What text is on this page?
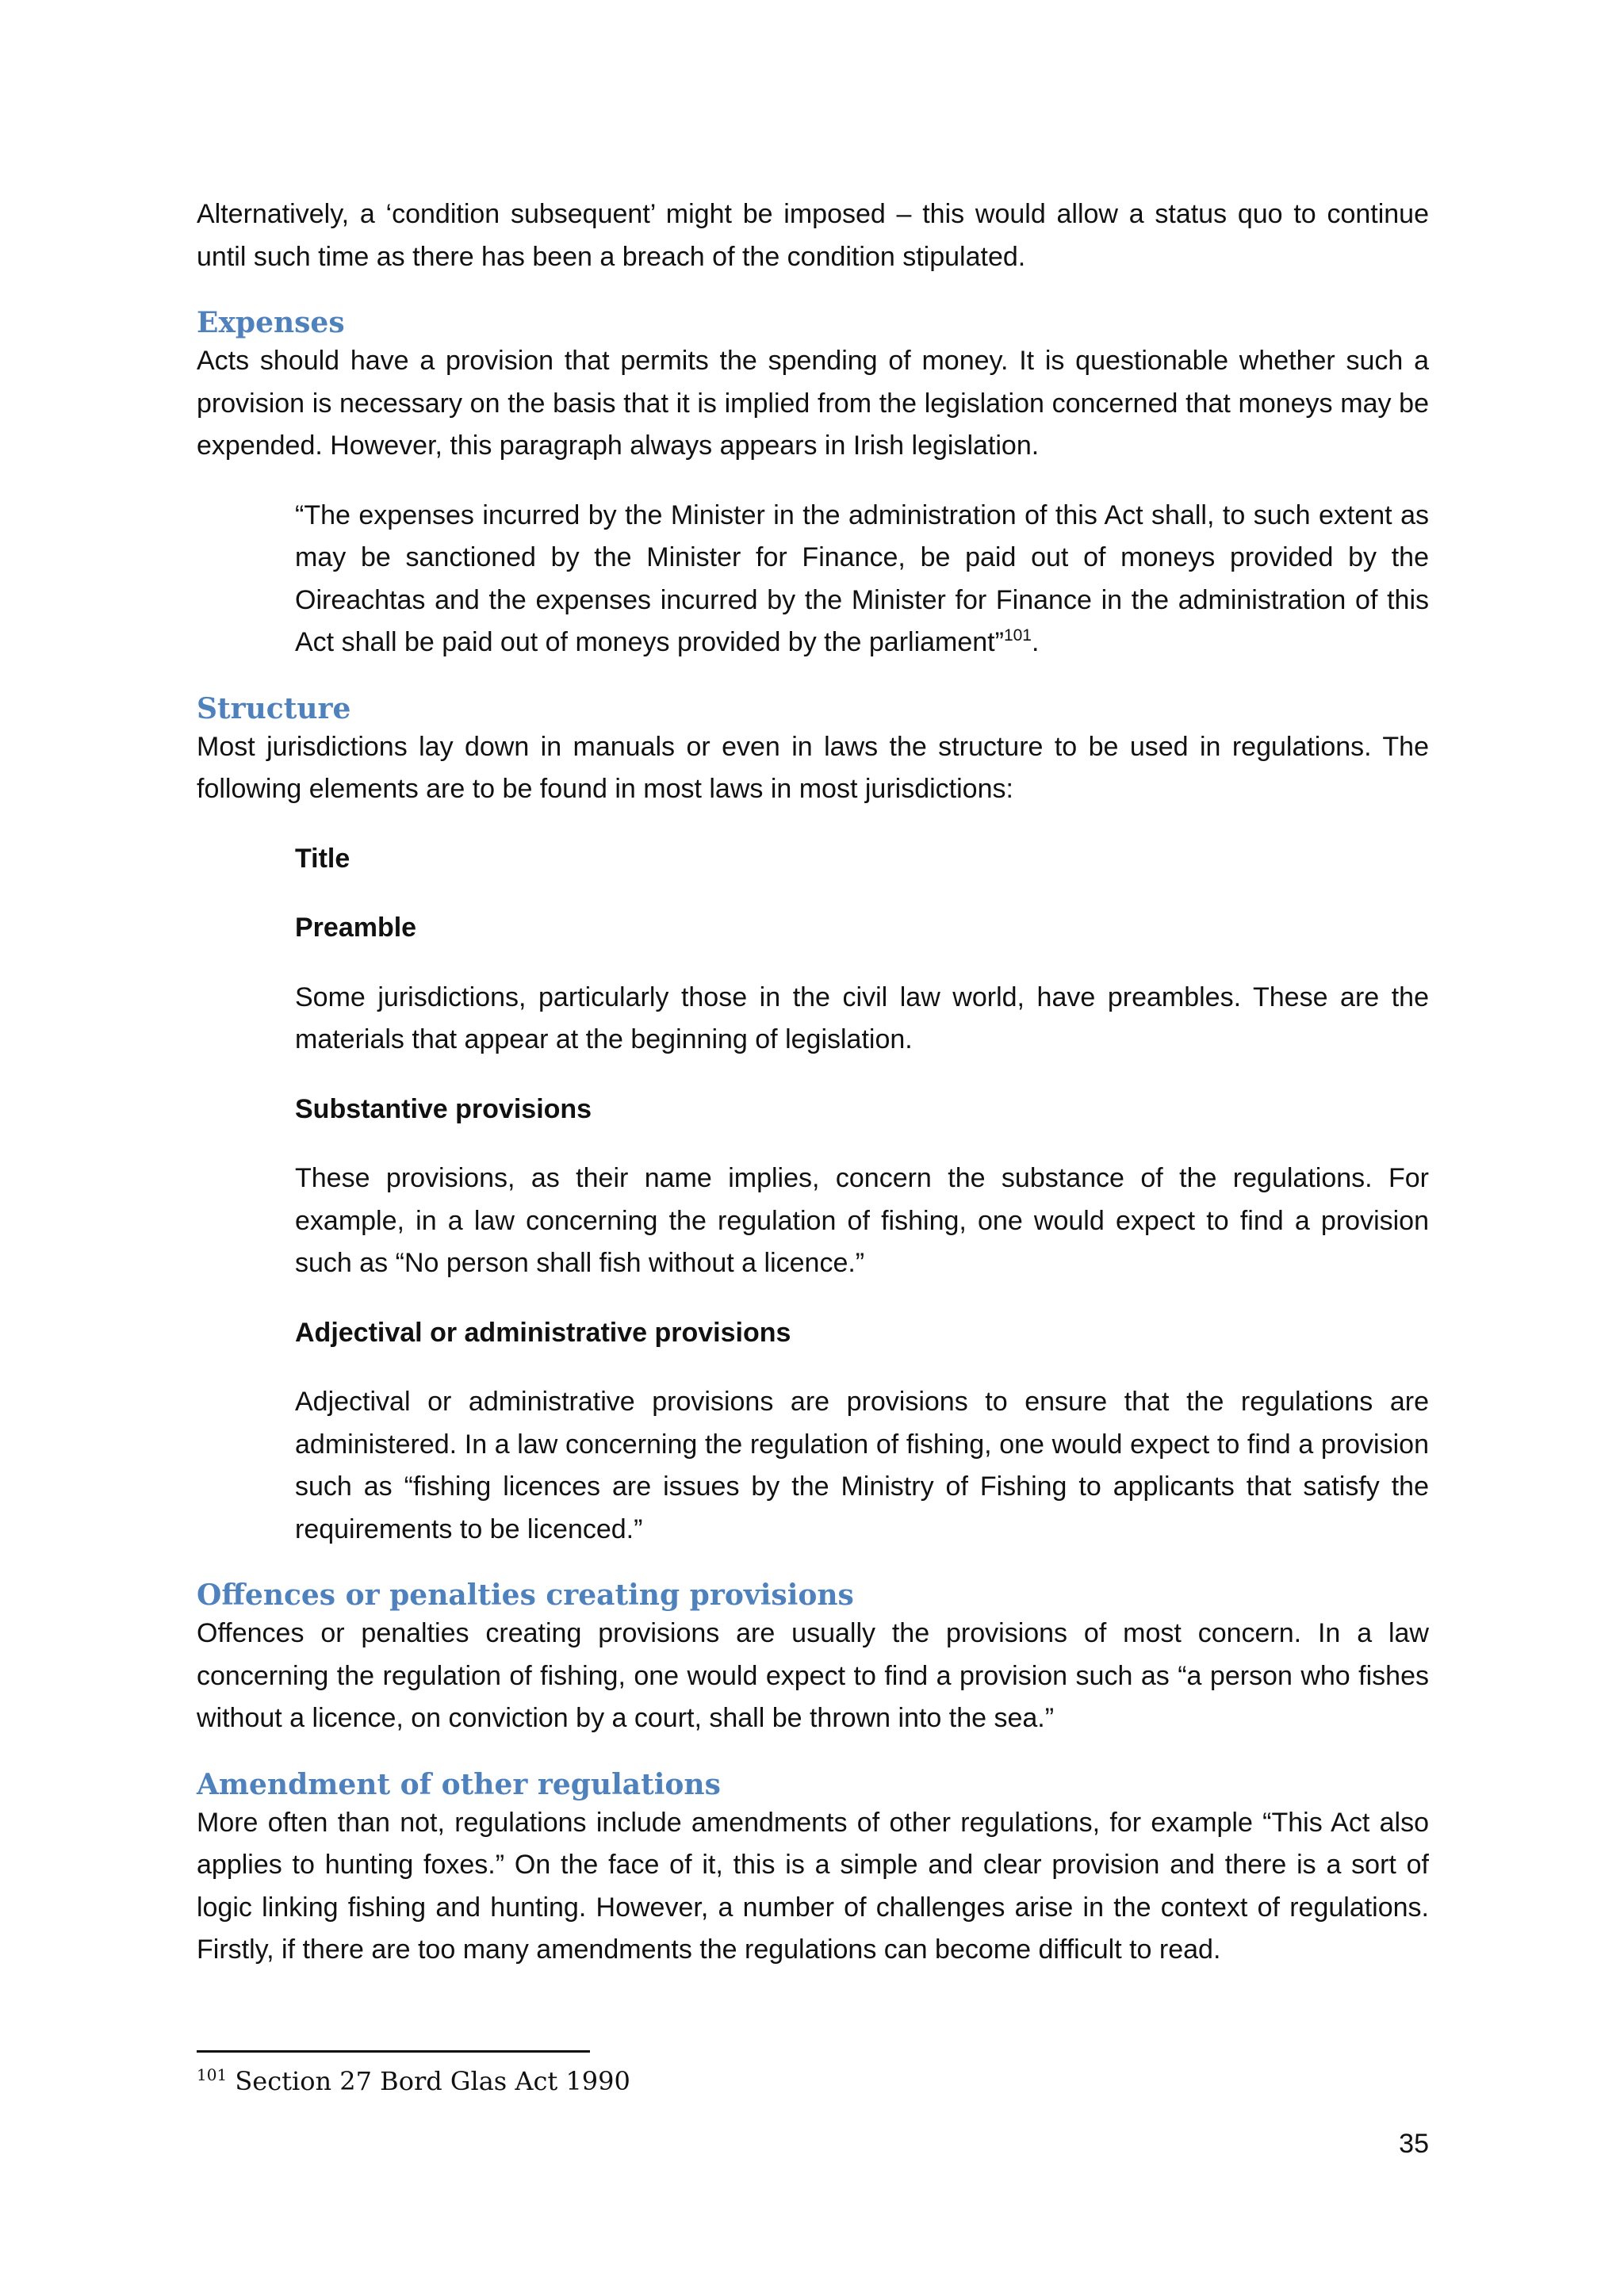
Alternatively, a ‘condition subsequent’ might be imposed – this would allow a status quo to continue until such time as there has been a breach of the condition stipulated.

Expenses

Acts should have a provision that permits the spending of money. It is questionable whether such a provision is necessary on the basis that it is implied from the legislation concerned that moneys may be expended. However, this paragraph always appears in Irish legislation.

“The expenses incurred by the Minister in the administration of this Act shall, to such extent as may be sanctioned by the Minister for Finance, be paid out of moneys provided by the Oireachtas and the expenses incurred by the Minister for Finance in the administration of this Act shall be paid out of moneys provided by the parliament”$^{101}$.

Structure

Most jurisdictions lay down in manuals or even in laws the structure to be used in regulations. The following elements are to be found in most laws in most jurisdictions:

Title

Preamble

Some jurisdictions, particularly those in the civil law world, have preambles. These are the materials that appear at the beginning of legislation.

Substantive provisions

These provisions, as their name implies, concern the substance of the regulations. For example, in a law concerning the regulation of fishing, one would expect to find a provision such as “No person shall fish without a licence.”

Adjectival or administrative provisions

Adjectival or administrative provisions are provisions to ensure that the regulations are administered. In a law concerning the regulation of fishing, one would expect to find a provision such as “fishing licences are issues by the Ministry of Fishing to applicants that satisfy the requirements to be licenced.”

Offences or penalties creating provisions

Offences or penalties creating provisions are usually the provisions of most concern. In a law concerning the regulation of fishing, one would expect to find a provision such as “a person who fishes without a licence, on conviction by a court, shall be thrown into the sea.”

Amendment of other regulations

More often than not, regulations include amendments of other regulations, for example “This Act also applies to hunting foxes.” On the face of it, this is a simple and clear provision and there is a sort of logic linking fishing and hunting. However, a number of challenges arise in the context of regulations. Firstly, if there are too many amendments the regulations can become difficult to read.

$^{101}$ Section 27 Bord Glas Act 1990
35
